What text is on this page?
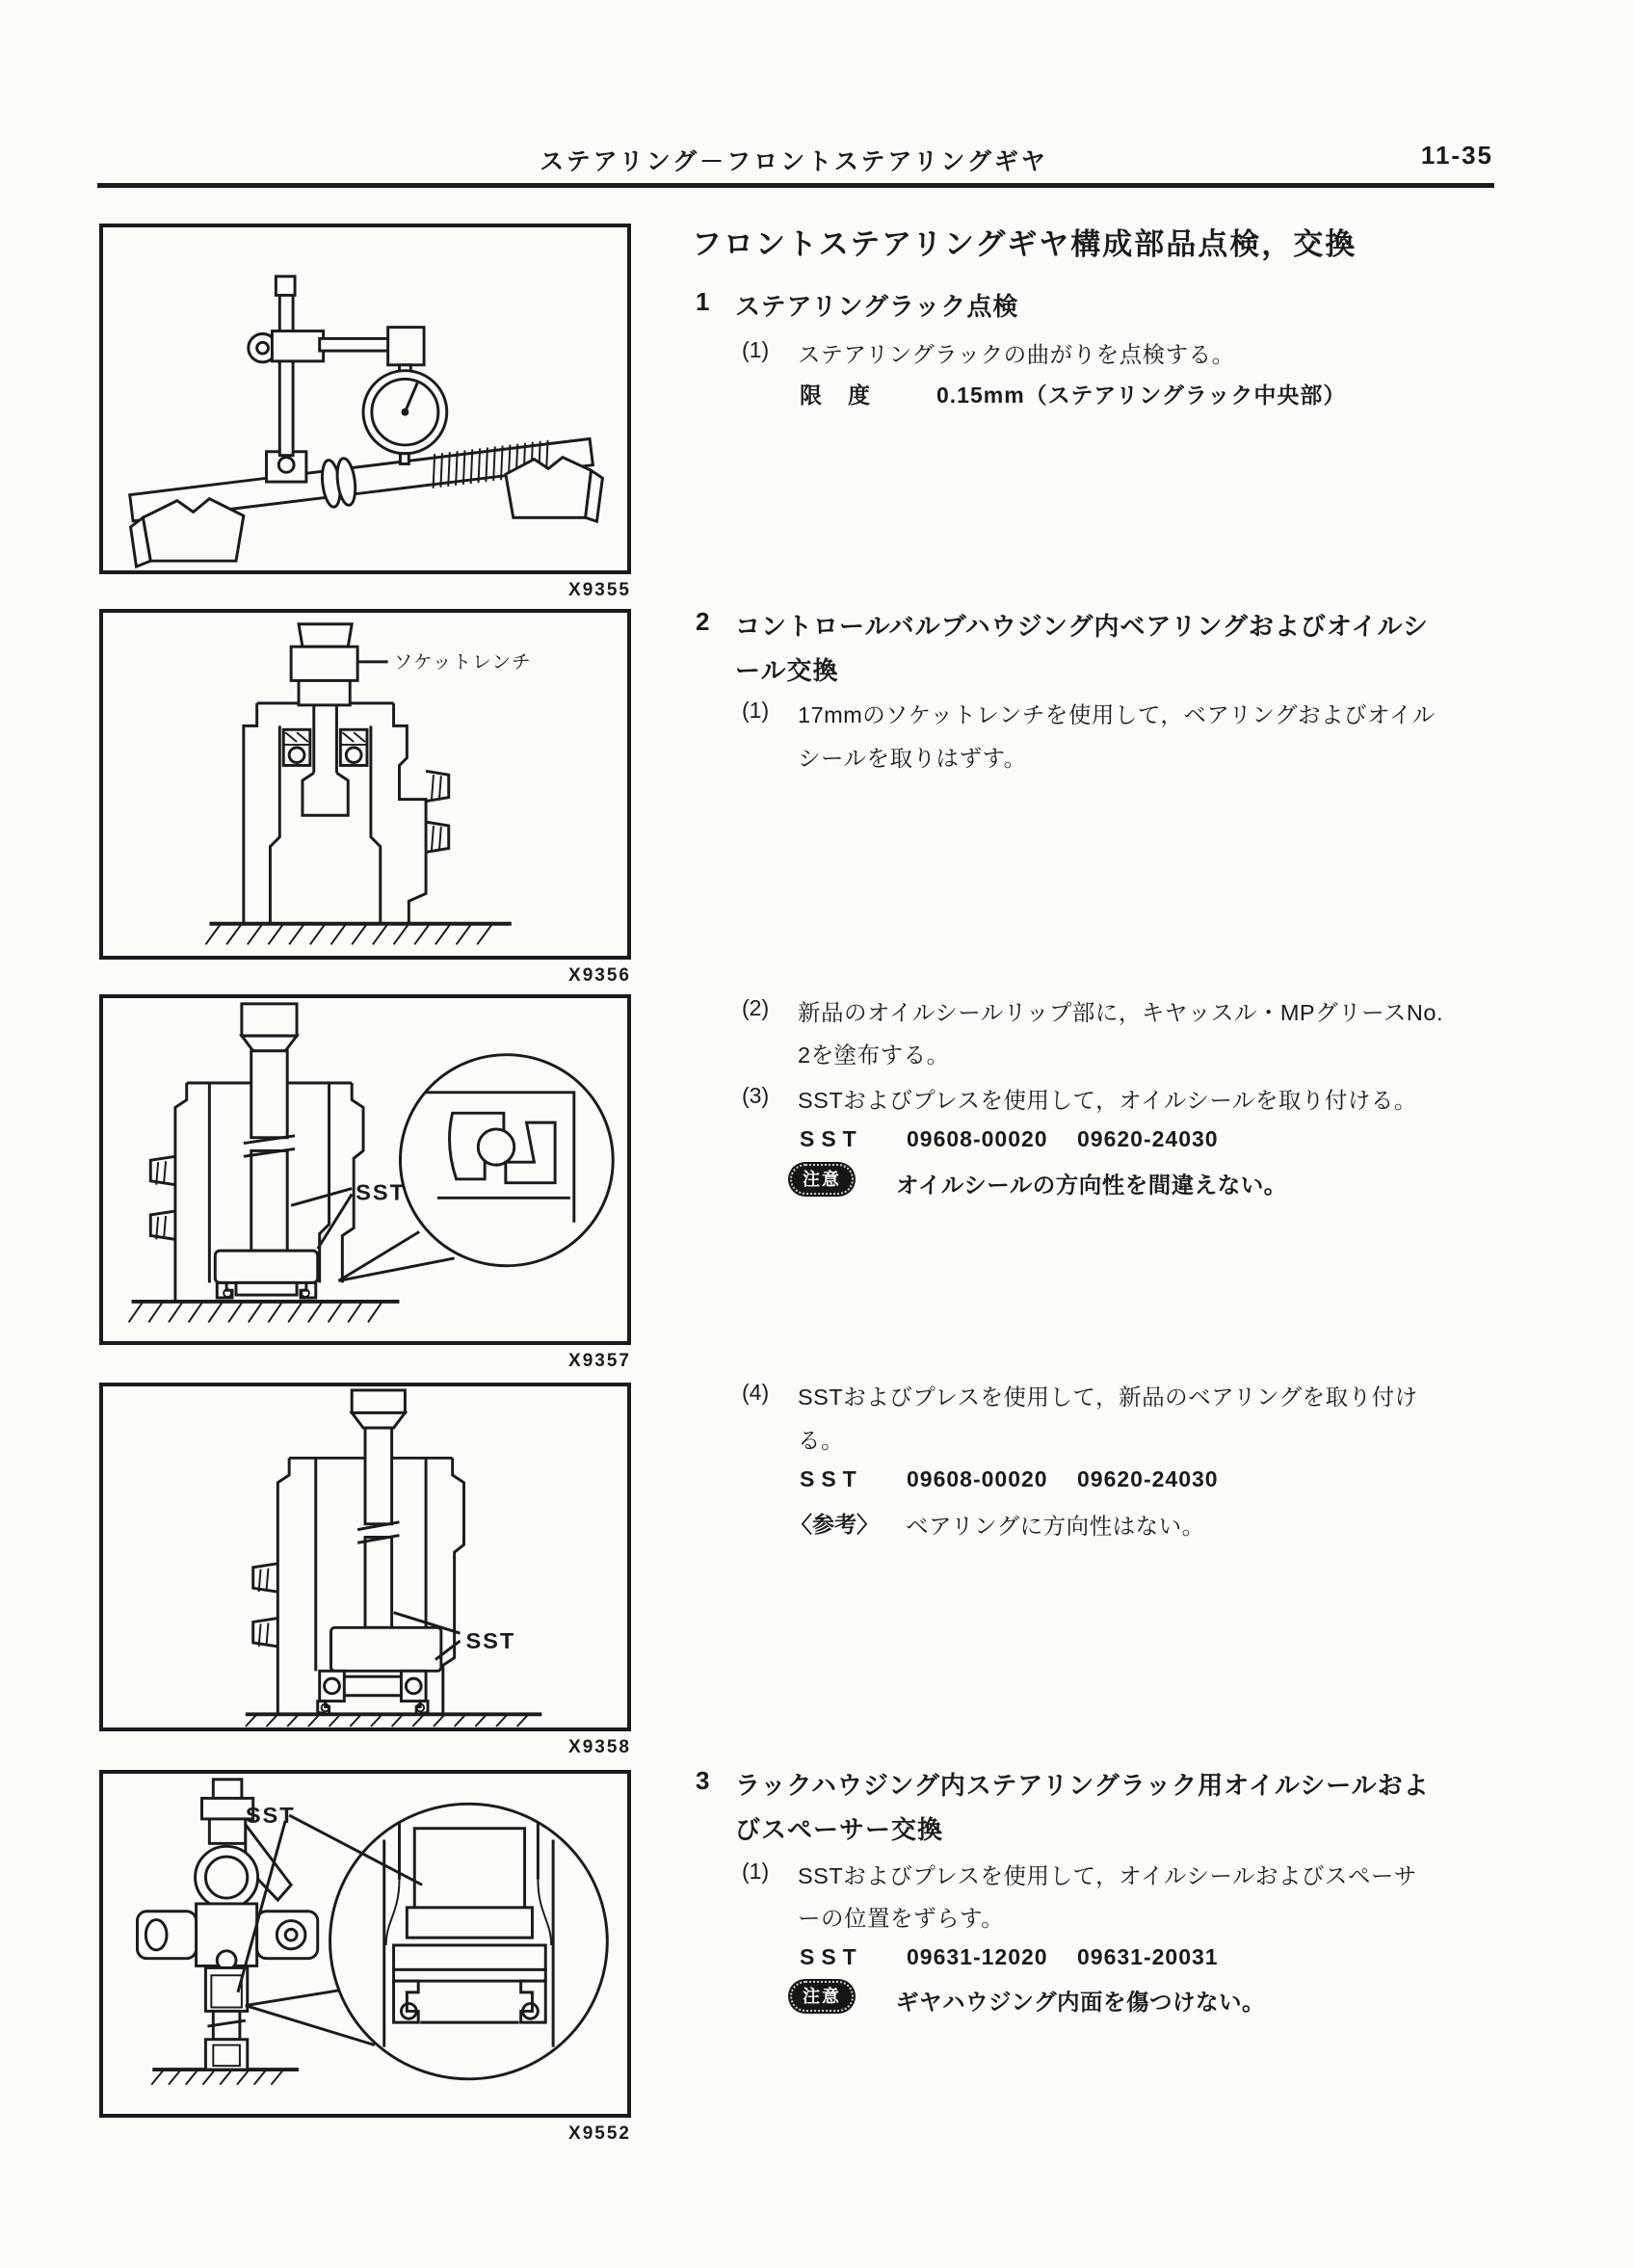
ステアリング－フロントステアリングギヤ	11-35
X9355
ソケットレンチ
X9356
SST
X9357
SST
X9358
SST
X9552
フロントステアリングギヤ構成部品点検，交換
1 ステアリングラック点検
(1) ステアリングラックの曲がりを点検する。
限　度	0.15mm（ステアリングラック中央部）
2 コントロールバルブハウジング内ベアリングおよびオイルシ
ール交換
(1) 17mmのソケットレンチを使用して，ベアリングおよびオイル
シールを取りはずす。
(2) 新品のオイルシールリップ部に，キヤッスル・MPグリースNo.
2を塗布する。
(3) SSTおよびプレスを使用して，オイルシールを取り付ける。
SST 09608-00020 09620-24030
注意	オイルシールの方向性を間違えない。
(4) SSTおよびプレスを使用して，新品のベアリングを取り付け
る。
SST 09608-00020 09620-24030
〈参考〉 ベアリングに方向性はない。
3 ラックハウジング内ステアリングラック用オイルシールおよ
びスペーサー交換
(1) SSTおよびプレスを使用して，オイルシールおよびスペーサ
ーの位置をずらす。
SST 09631-12020 09631-20031
注意	ギヤハウジング内面を傷つけない。
